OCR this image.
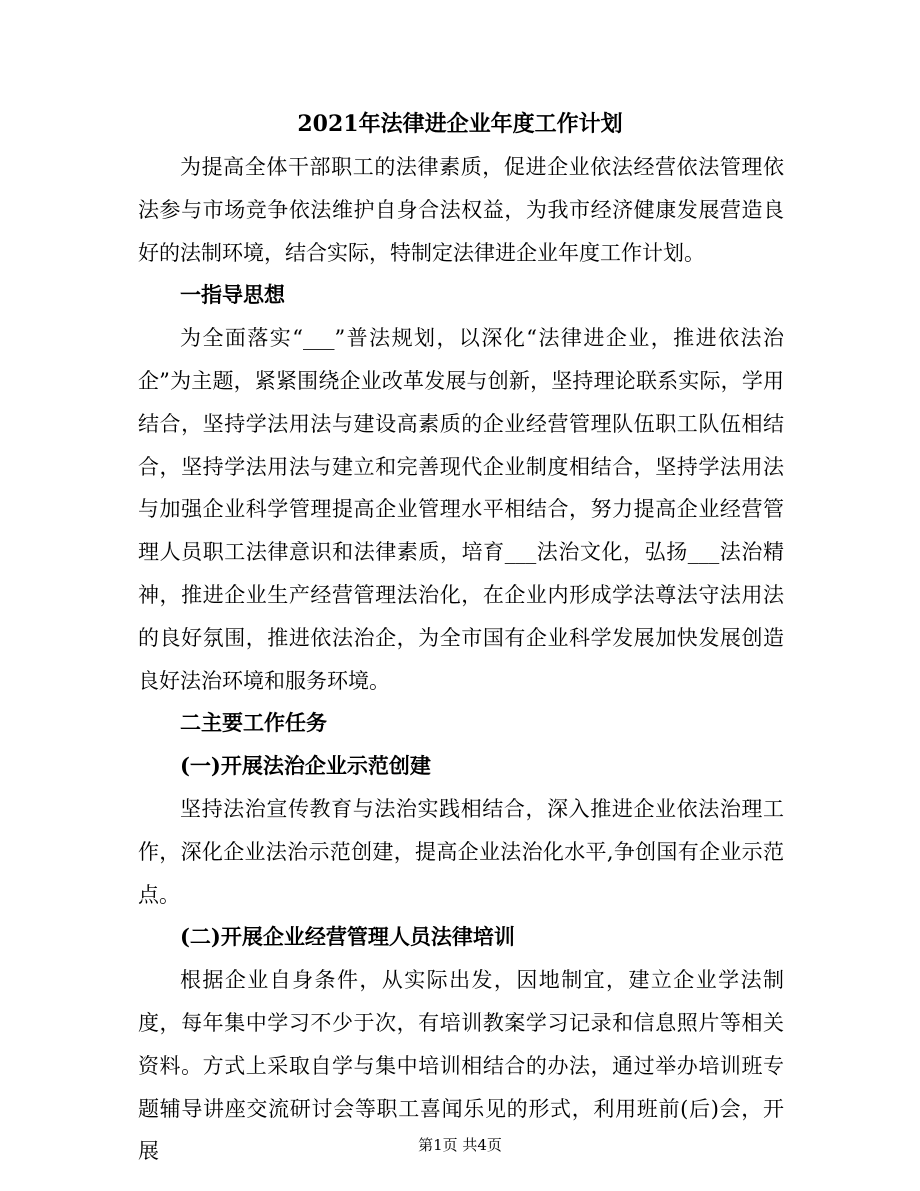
2021年法律进企业年度工作计划

为提高全体干部职工的法律素质，促进企业依法经营依法管理依法参与市场竞争依法维护自身合法权益，为我市经济健康发展营造良好的法制环境，结合实际，特制定法律进企业年度工作计划。

一指导思想

为全面落实“___”普法规划，以深化“法律进企业，推进依法治企”为主题，紧紧围绕企业改革发展与创新，坚持理论联系实际，学用结合，坚持学法用法与建设高素质的企业经营管理队伍职工队伍相结合，坚持学法用法与建立和完善现代企业制度相结合，坚持学法用法与加强企业科学管理提高企业管理水平相结合，努力提高企业经营管理人员职工法律意识和法律素质，培育___法治文化，弘扬___法治精神，推进企业生产经营管理法治化，在企业内形成学法尊法守法用法的良好氛围，推进依法治企，为全市国有企业科学发展加快发展创造良好法治环境和服务环境。

二主要工作任务

(一)开展法治企业示范创建

坚持法治宣传教育与法治实践相结合，深入推进企业依法治理工作，深化企业法治示范创建，提高企业法治化水平,争创国有企业示范点。

(二)开展企业经营管理人员法律培训

根据企业自身条件，从实际出发，因地制宜，建立企业学法制度，每年集中学习不少于次，有培训教案学习记录和信息照片等相关资料。方式上采取自学与集中培训相结合的办法，通过举办培训班专题辅导讲座交流研讨会等职工喜闻乐见的形式，利用班前(后)会，开展	第1页 共4页
